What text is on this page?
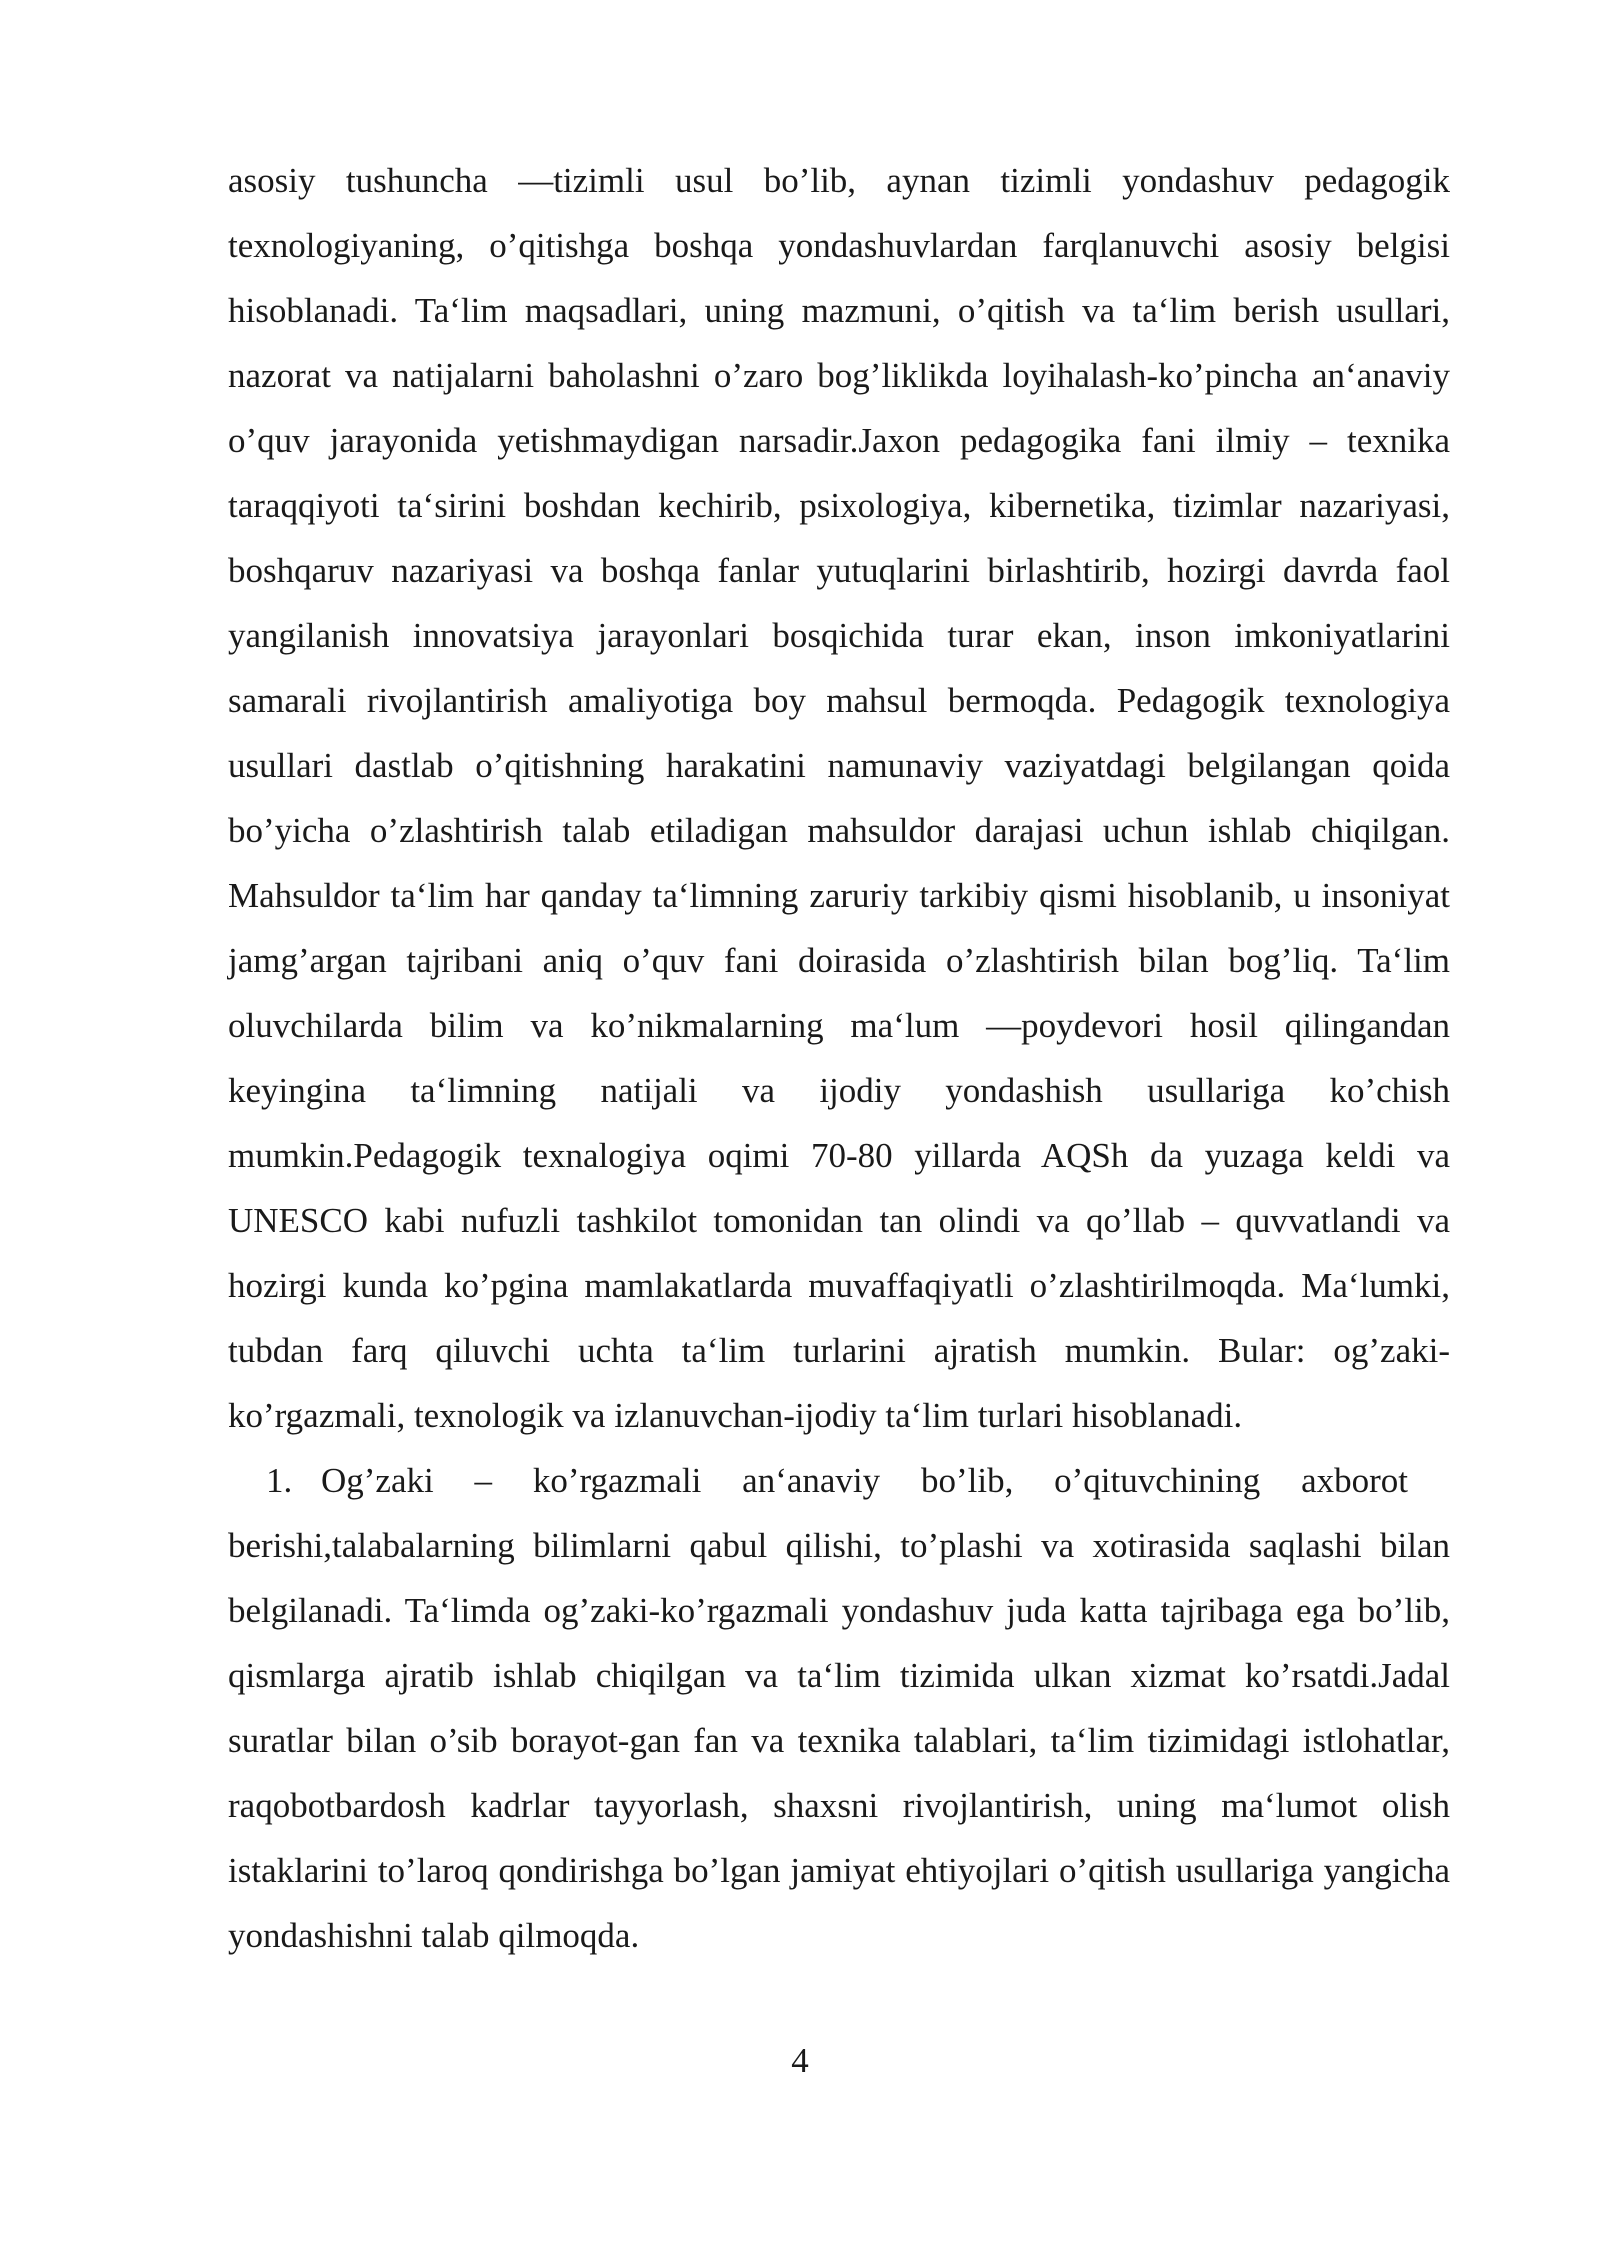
asosiy tushuncha —tizimli usul bo’lib, aynan tizimli yondashuv pedagogik texnologiyaning, o’qitishga boshqa yondashuvlardan farqlanuvchi asosiy belgisi hisoblanadi. Ta‘lim maqsadlari, uning mazmuni, o’qitish va ta‘lim berish usullari, nazorat va natijalarni baholashni o’zaro bog’liklikda loyihalash-ko’pincha an‘anaviy o’quv jarayonida yetishmaydigan narsadir.Jaxon pedagogika fani ilmiy – texnika taraqqiyoti ta‘sirini boshdan kechirib, psixologiya, kibernetika, tizimlar nazariyasi, boshqaruv nazariyasi va boshqa fanlar yutuqlarini birlashtirib, hozirgi davrda faol yangilanish innovatsiya jarayonlari bosqichida turar ekan, inson imkoniyatlarini samarali rivojlantirish amaliyotiga boy mahsul bermoqda. Pedagogik texnologiya usullari dastlab o’qitishning harakatini namunaviy vaziyatdagi belgilangan qoida bo’yicha o’zlashtirish talab etiladigan mahsuldor darajasi uchun ishlab chiqilgan. Mahsuldor ta‘lim har qanday ta‘limning zaruriy tarkibiy qismi hisoblanib, u insoniyat jamg’argan tajribani aniq o’quv fani doirasida o’zlashtirish bilan bog’liq. Ta‘lim oluvchilarda bilim va ko’nikmalarning ma‘lum —poydevori hosil qilingandan keyingina ta‘limning natijali va ijodiy yondashish usullariga ko’chish mumkin.Pedagogik texnalogiya oqimi 70-80 yillarda AQSh da yuzaga keldi va UNESCO kabi nufuzli tashkilot tomonidan tan olindi va qo’llab – quvvatlandi va hozirgi kunda ko’pgina mamlakatlarda muvaffaqiyatli o’zlashtirilmoqda. Ma‘lumki, tubdan farq qiluvchi uchta ta‘lim turlarini ajratish mumkin. Bular: og’zaki- ko’rgazmali, texnologik va izlanuvchan-ijodiy ta‘lim turlari hisoblanadi.

1. Og’zaki – ko’rgazmali an‘anaviy bo’lib, o’qituvchining axborot
berishi,talabalarning bilimlarni qabul qilishi, to’plashi va xotirasida saqlashi bilan belgilanadi. Ta‘limda og’zaki-ko’rgazmali yondashuv juda katta tajribaga ega bo’lib, qismlarga ajratib ishlab chiqilgan va ta‘lim tizimida ulkan xizmat ko’rsatdi.Jadal suratlar bilan o’sib borayot-gan fan va texnika talablari, ta‘lim tizimidagi istlohatlar, raqobotbardosh kadrlar tayyorlash, shaxsni rivojlantirish, uning ma‘lumot olish istaklarini to’laroq qondirishga bo’lgan jamiyat ehtiyojlari o’qitish usullariga yangicha yondashishni talab qilmoqda.
4
